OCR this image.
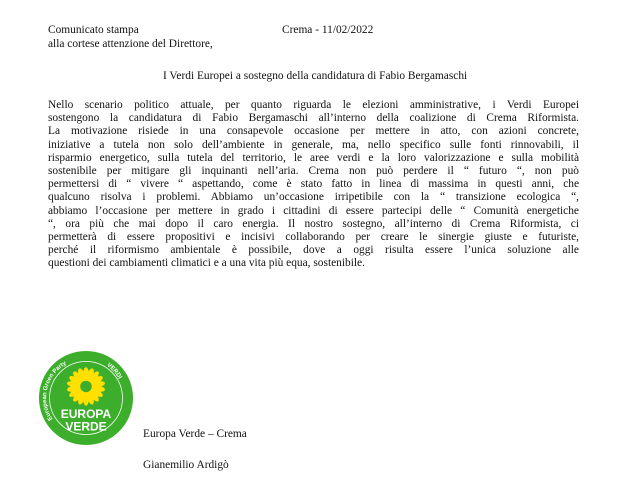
Comunicato stampa
alla cortese attenzione del Direttore,
Crema - 11/02/2022
I Verdi Europei a sostegno della candidatura di Fabio Bergamaschi
Nello scenario politico attuale, per quanto riguarda le elezioni amministrative, i Verdi Europei
sostengono la candidatura di Fabio Bergamaschi all’interno della coalizione di Crema Riformista.
La motivazione risiede in una consapevole occasione per mettere in atto, con azioni concrete,
iniziative a tutela non solo dell’ambiente in generale, ma, nello specifico sulle fonti rinnovabili, il
risparmio energetico, sulla tutela del territorio, le aree verdi e la loro valorizzazione e sulla mobilità
sostenibile per mitigare gli inquinanti nell’aria. Crema non può perdere il “ futuro “, non può
permettersi di “ vivere “ aspettando, come è stato fatto in linea di massima in questi anni, che
qualcuno risolva i problemi. Abbiamo un’occasione irripetibile con la “ transizione ecologica “,
abbiamo l’occasione per mettere in grado i cittadini di essere partecipi delle “ Comunità energetiche
“, ora più che mai dopo il caro energia. Il nostro sostegno, all’interno di Crema Riformista, ci
permetterà di essere propositivi e incisivi collaborando per creare le sinergie giuste e futuriste,
perché il riformismo ambientale è possibile, dove a oggi risulta essere l’unica soluzione alle
questioni dei cambiamenti climatici e a una vita più equa, sostenibile.
European Green Party	VERDI
EUROPA
VERDE
Europa Verde – Crema
Gianemilio Ardigò
